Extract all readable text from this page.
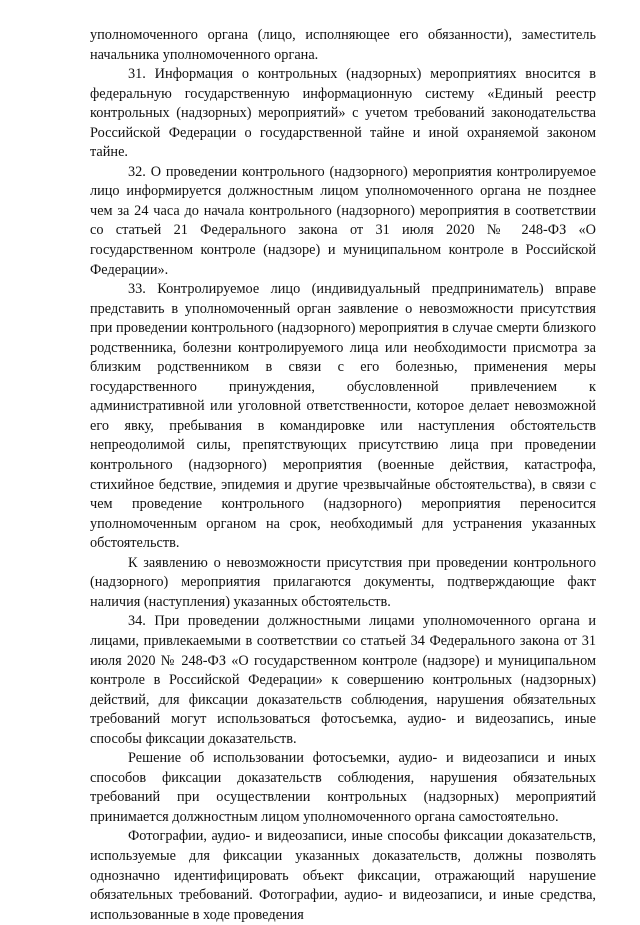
уполномоченного органа (лицо, исполняющее его обязанности), заместитель начальника уполномоченного органа.

31. Информация о контрольных (надзорных) мероприятиях вносится в федеральную государственную информационную систему «Единый реестр контрольных (надзорных) мероприятий» с учетом требований законодательства Российской Федерации о государственной тайне и иной охраняемой законом тайне.

32. О проведении контрольного (надзорного) мероприятия контролируемое лицо информируется должностным лицом уполномоченного органа не позднее чем за 24 часа до начала контрольного (надзорного) мероприятия в соответствии со статьей 21 Федерального закона от 31 июля 2020 № 248-ФЗ «О государственном контроле (надзоре) и муниципальном контроле в Российской Федерации».

33. Контролируемое лицо (индивидуальный предприниматель) вправе представить в уполномоченный орган заявление о невозможности присутствия при проведении контрольного (надзорного) мероприятия в случае смерти близкого родственника, болезни контролируемого лица или необходимости присмотра за близким родственником в связи с его болезнью, применения меры государственного принуждения, обусловленной привлечением к административной или уголовной ответственности, которое делает невозможной его явку, пребывания в командировке или наступления обстоятельств непреодолимой силы, препятствующих присутствию лица при проведении контрольного (надзорного) мероприятия (военные действия, катастрофа, стихийное бедствие, эпидемия и другие чрезвычайные обстоятельства), в связи с чем проведение контрольного (надзорного) мероприятия переносится уполномоченным органом на срок, необходимый для устранения указанных обстоятельств.

К заявлению о невозможности присутствия при проведении контрольного (надзорного) мероприятия прилагаются документы, подтверждающие факт наличия (наступления) указанных обстоятельств.

34. При проведении должностными лицами уполномоченного органа и лицами, привлекаемыми в соответствии со статьей 34 Федерального закона от 31 июля 2020 № 248-ФЗ «О государственном контроле (надзоре) и муниципальном контроле в Российской Федерации» к совершению контрольных (надзорных) действий, для фиксации доказательств соблюдения, нарушения обязательных требований могут использоваться фотосъемка, аудио- и видеозапись, иные способы фиксации доказательств.

Решение об использовании фотосъемки, аудио- и видеозаписи и иных способов фиксации доказательств соблюдения, нарушения обязательных требований при осуществлении контрольных (надзорных) мероприятий принимается должностным лицом уполномоченного органа самостоятельно.

Фотографии, аудио- и видеозаписи, иные способы фиксации доказательств, используемые для фиксации указанных доказательств, должны позволять однозначно идентифицировать объект фиксации, отражающий нарушение обязательных требований. Фотографии, аудио- и видеозаписи, и иные средства, использованные в ходе проведения
